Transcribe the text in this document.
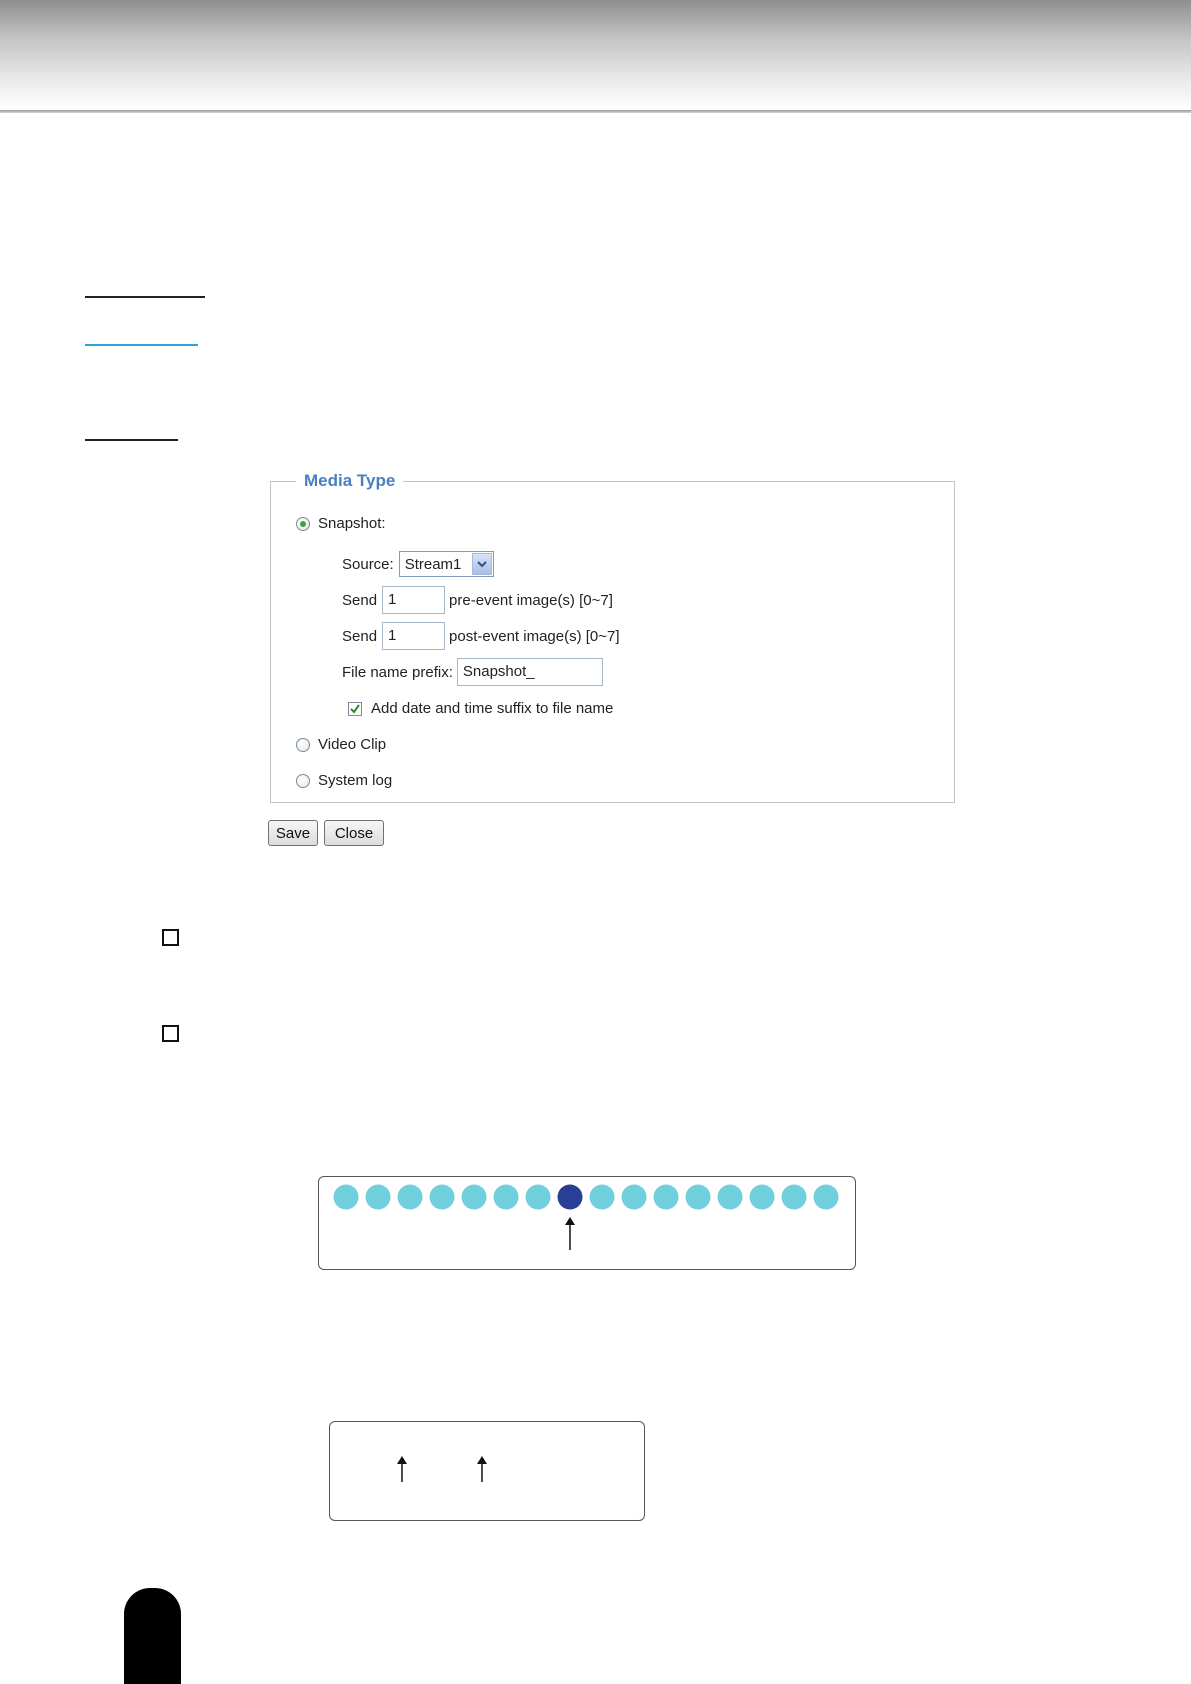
Media Type
Snapshot:
Source: Stream1
Send 1	pre-event image(s) [0~7]
Send 1	post-event image(s) [0~7]
File name prefix: Snapshot_
Add date and time suffix to file name
Video Clip
System log
Save	Close
